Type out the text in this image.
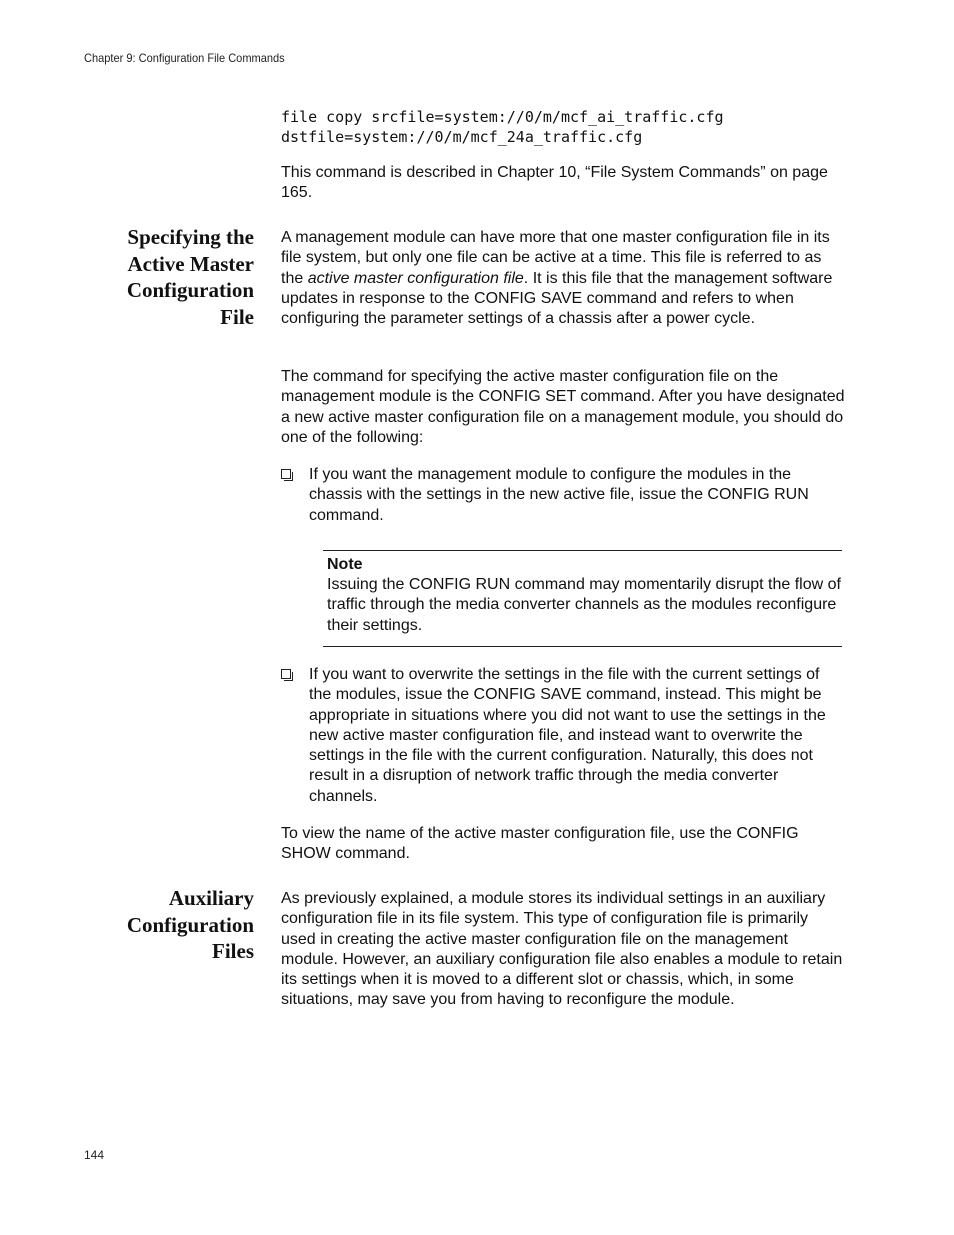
Chapter 9: Configuration File Commands
file copy srcfile=system://0/m/mcf_ai_traffic.cfg
dstfile=system://0/m/mcf_24a_traffic.cfg

This command is described in Chapter 10, “File System Commands” on page 165.

Specifying the
Active Master
Configuration
File

A management module can have more that one master configuration file in its file system, but only one file can be active at a time. This file is referred to as the active master configuration file. It is this file that the management software updates in response to the CONFIG SAVE command and refers to when configuring the parameter settings of a chassis after a power cycle.

The command for specifying the active master configuration file on the management module is the CONFIG SET command. After you have designated a new active master configuration file on a management module, you should do one of the following:

If you want the management module to configure the modules in the chassis with the settings in the new active file, issue the CONFIG RUN command.
Note
Issuing the CONFIG RUN command may momentarily disrupt the flow of traffic through the media converter channels as the modules reconfigure their settings.
If you want to overwrite the settings in the file with the current settings of the modules, issue the CONFIG SAVE command, instead. This might be appropriate in situations where you did not want to use the settings in the new active master configuration file, and instead want to overwrite the settings in the file with the current configuration. Naturally, this does not result in a disruption of network traffic through the media converter channels.

To view the name of the active master configuration file, use the CONFIG SHOW command.

Auxiliary
Configuration
Files

As previously explained, a module stores its individual settings in an auxiliary configuration file in its file system. This type of configuration file is primarily used in creating the active master configuration file on the management module. However, an auxiliary configuration file also enables a module to retain its settings when it is moved to a different slot or chassis, which, in some situations, may save you from having to reconfigure the module.

144
